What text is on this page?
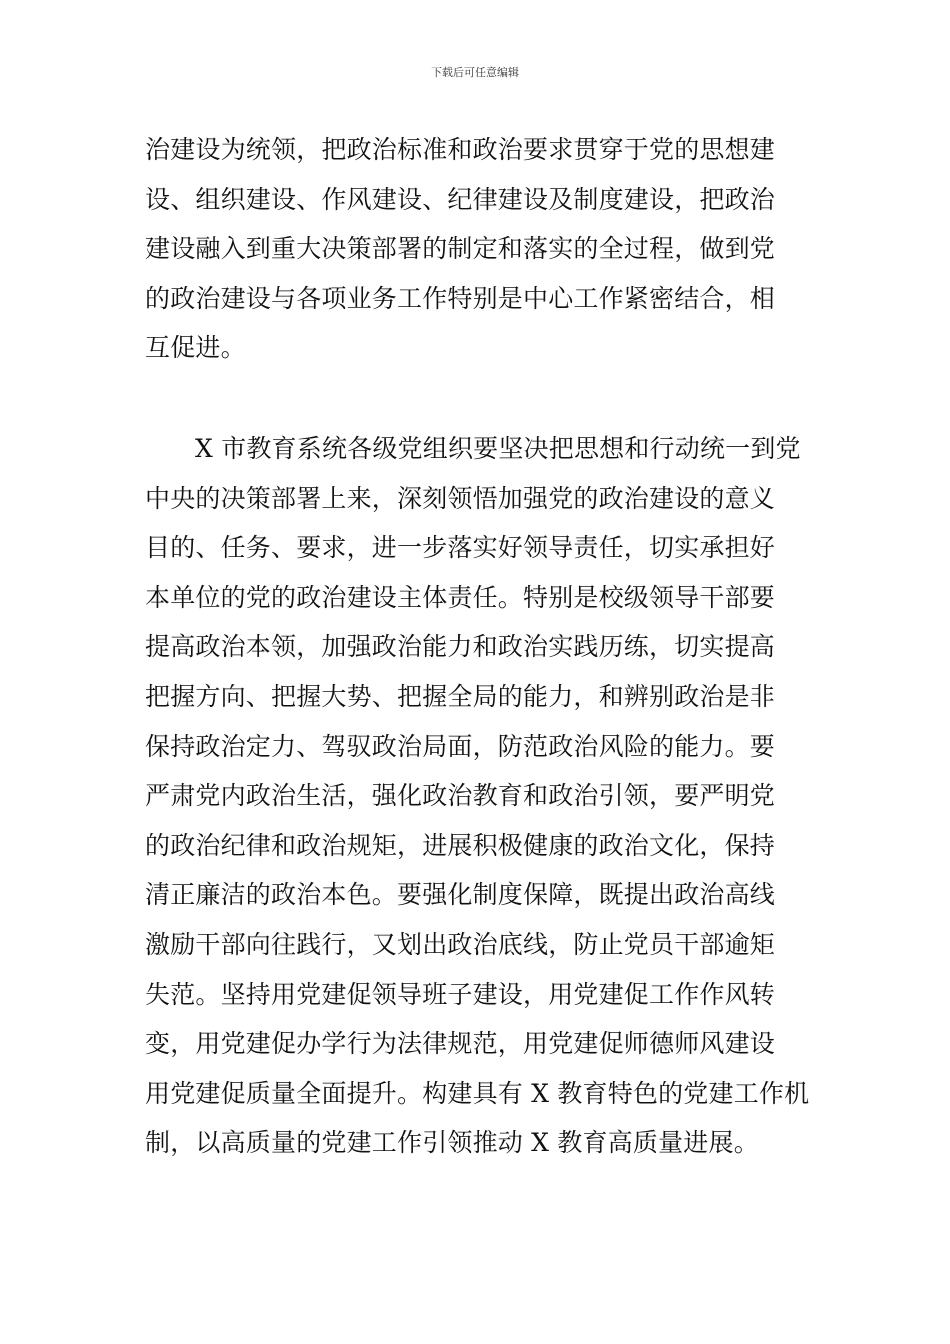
下载后可任意编辑
治建设为统领，把政治标准和政治要求贯穿于党的思想建
设、组织建设、作风建设、纪律建设及制度建设，把政治
建设融入到重大决策部署的制定和落实的全过程，做到党
的政治建设与各项业务工作特别是中心工作紧密结合，相
互促进。
X 市教育系统各级党组织要坚决把思想和行动统一到党
中央的决策部署上来，深刻领悟加强党的政治建设的意义
目的、任务、要求，进一步落实好领导责任，切实承担好
本单位的党的政治建设主体责任。特别是校级领导干部要
提高政治本领，加强政治能力和政治实践历练，切实提高
把握方向、把握大势、把握全局的能力，和辨别政治是非
保持政治定力、驾驭政治局面，防范政治风险的能力。要
严肃党内政治生活，强化政治教育和政治引领，要严明党
的政治纪律和政治规矩，进展积极健康的政治文化，保持
清正廉洁的政治本色。要强化制度保障，既提出政治高线
激励干部向往践行，又划出政治底线，防止党员干部逾矩
失范。坚持用党建促领导班子建设，用党建促工作作风转
变，用党建促办学行为法律规范，用党建促师德师风建设
用党建促质量全面提升。构建具有 X 教育特色的党建工作机
制，以高质量的党建工作引领推动 X 教育高质量进展。
